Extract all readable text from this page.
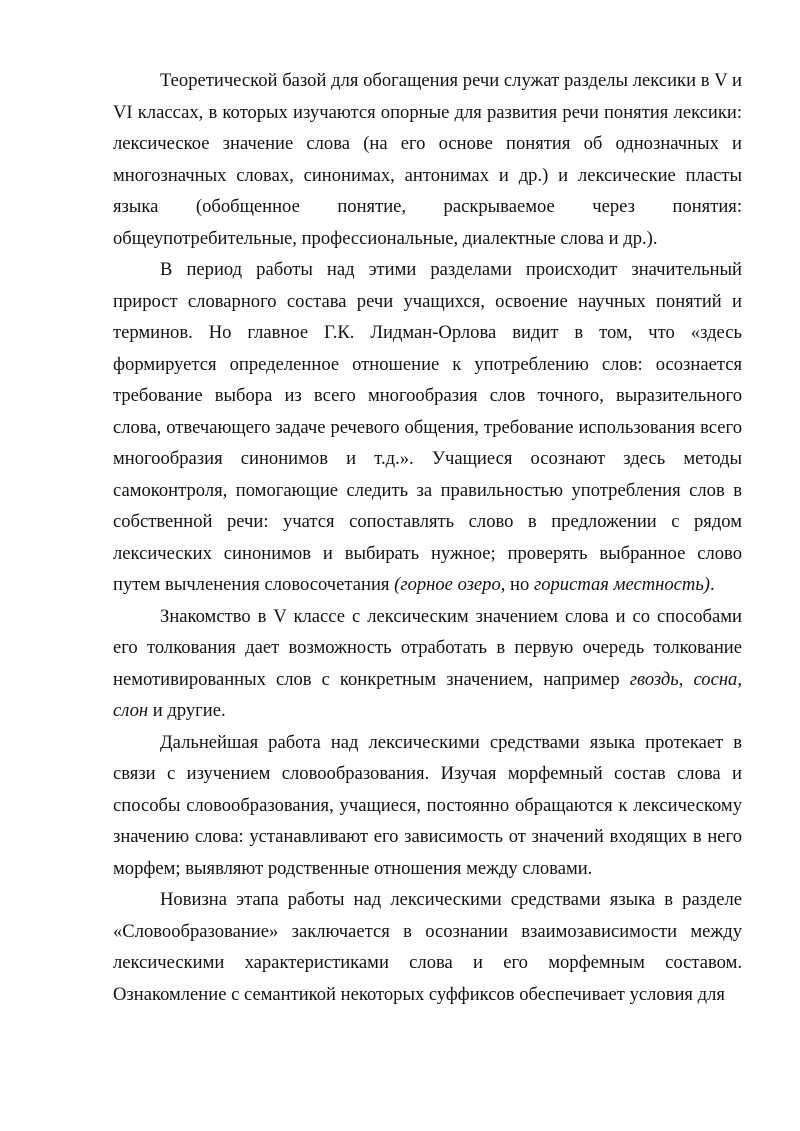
Теоретической базой для обогащения речи служат разделы лексики в V и VI классах, в которых изучаются опорные для развития речи понятия лексики: лексическое значение слова (на его основе понятия об однозначных и многозначных словах, синонимах, антонимах и др.) и лексические пласты языка (обобщенное понятие, раскрываемое через понятия: общеупотребительные, профессиональные, диалектные слова и др.).

В период работы над этими разделами происходит значительный прирост словарного состава речи учащихся, освоение научных понятий и терминов. Но главное Г.К. Лидман-Орлова видит в том, что «здесь формируется определенное отношение к употреблению слов: осознается требование выбора из всего многообразия слов точного, выразительного слова, отвечающего задаче речевого общения, требование использования всего многообразия синонимов и т.д.». Учащиеся осознают здесь методы самоконтроля, помогающие следить за правильностью употребления слов в собственной речи: учатся сопоставлять слово в предложении с рядом лексических синонимов и выбирать нужное; проверять выбранное слово путем вычленения словосочетания (горное озеро, но гористая местность).

Знакомство в V классе с лексическим значением слова и со способами его толкования дает возможность отработать в первую очередь толкование немотивированных слов с конкретным значением, например гвоздь, сосна, слон и другие.

Дальнейшая работа над лексическими средствами языка протекает в связи с изучением словообразования. Изучая морфемный состав слова и способы словообразования, учащиеся, постоянно обращаются к лексическому значению слова: устанавливают его зависимость от значений входящих в него морфем; выявляют родственные отношения между словами.

Новизна этапа работы над лексическими средствами языка в разделе «Словообразование» заключается в осознании взаимозависимости между лексическими характеристиками слова и его морфемным составом. Ознакомление с семантикой некоторых суффиксов обеспечивает условия для
